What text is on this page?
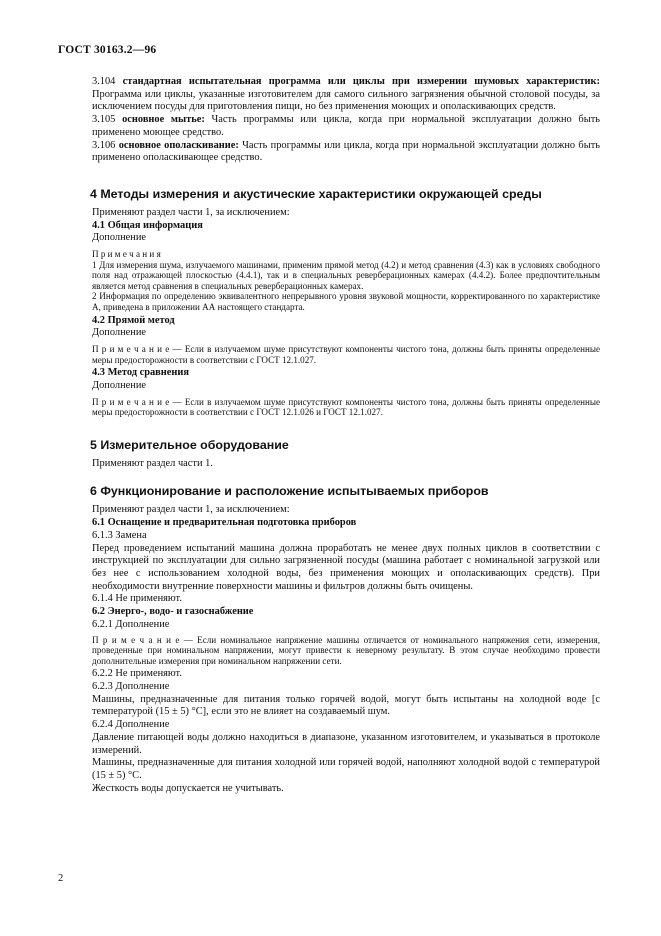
ГОСТ 30163.2—96

3.104 стандартная испытательная программа или циклы при измерении шумовых характеристик: Программа или циклы, указанные изготовителем для самого сильного загрязнения обычной столовой посуды, за исключением посуды для приготовления пищи, но без применения моющих и ополаскивающих средств.

3.105 основное мытье: Часть программы или цикла, когда при нормальной эксплуатации должно быть применено моющее средство.

3.106 основное ополаскивание: Часть программы или цикла, когда при нормальной эксплуатации должно быть применено ополаскивающее средство.

4 Методы измерения и акустические характеристики окружающей среды

Применяют раздел части 1, за исключением:

4.1 Общая информация

Дополнение

П р и м е ч а н и я

1 Для измерения шума, излучаемого машинами, применим прямой метод (4.2) и метод сравнения (4.3) как в условиях свободного поля над отражающей плоскостью (4.4.1), так и в специальных реверберационных камерах (4.4.2). Более предпочтительным является метод сравнения в специальных реверберационных камерах.

2 Информация по определению эквивалентного непрерывного уровня звуковой мощности, корректированного по характеристике A, приведена в приложении АА настоящего стандарта.

4.2 Прямой метод

Дополнение

П р и м е ч а н и е — Если в излучаемом шуме присутствуют компоненты чистого тона, должны быть приняты определенные меры предосторожности в соответствии с ГОСТ 12.1.027.

4.3 Метод сравнения

Дополнение

П р и м е ч а н и е — Если в излучаемом шуме присутствуют компоненты чистого тона, должны быть приняты определенные меры предосторожности в соответствии с ГОСТ 12.1.026 и ГОСТ 12.1.027.

5 Измерительное оборудование

Применяют раздел части 1.

6 Функционирование и расположение испытываемых приборов

Применяют раздел части 1, за исключением:

6.1 Оснащение и предварительная подготовка приборов

6.1.3 Замена

Перед проведением испытаний машина должна проработать не менее двух полных циклов в соответствии с инструкцией по эксплуатации для сильно загрязненной посуды (машина работает с номинальной загрузкой или без нее с использованием холодной воды, без применения моющих и ополаскивающих средств). При необходимости внутренние поверхности машины и фильтров должны быть очищены.

6.1.4 Не применяют.

6.2 Энерго-, водо- и газоснабжение

6.2.1 Дополнение

П р и м е ч а н и е — Если номинальное напряжение машины отличается от номинального напряжения сети, измерения, проведенные при номинальном напряжении, могут привести к неверному результату. В этом случае необходимо провести дополнительные измерения при номинальном напряжении сети.

6.2.2 Не применяют.

6.2.3 Дополнение

Машины, предназначенные для питания только горячей водой, могут быть испытаны на холодной воде [с температурой (15 ± 5) °С], если это не влияет на создаваемый шум.

6.2.4 Дополнение

Давление питающей воды должно находиться в диапазоне, указанном изготовителем, и указываться в протоколе измерений.

Машины, предназначенные для питания холодной или горячей водой, наполняют холодной водой с температурой (15 ± 5) °С.

Жесткость воды допускается не учитывать.

2
